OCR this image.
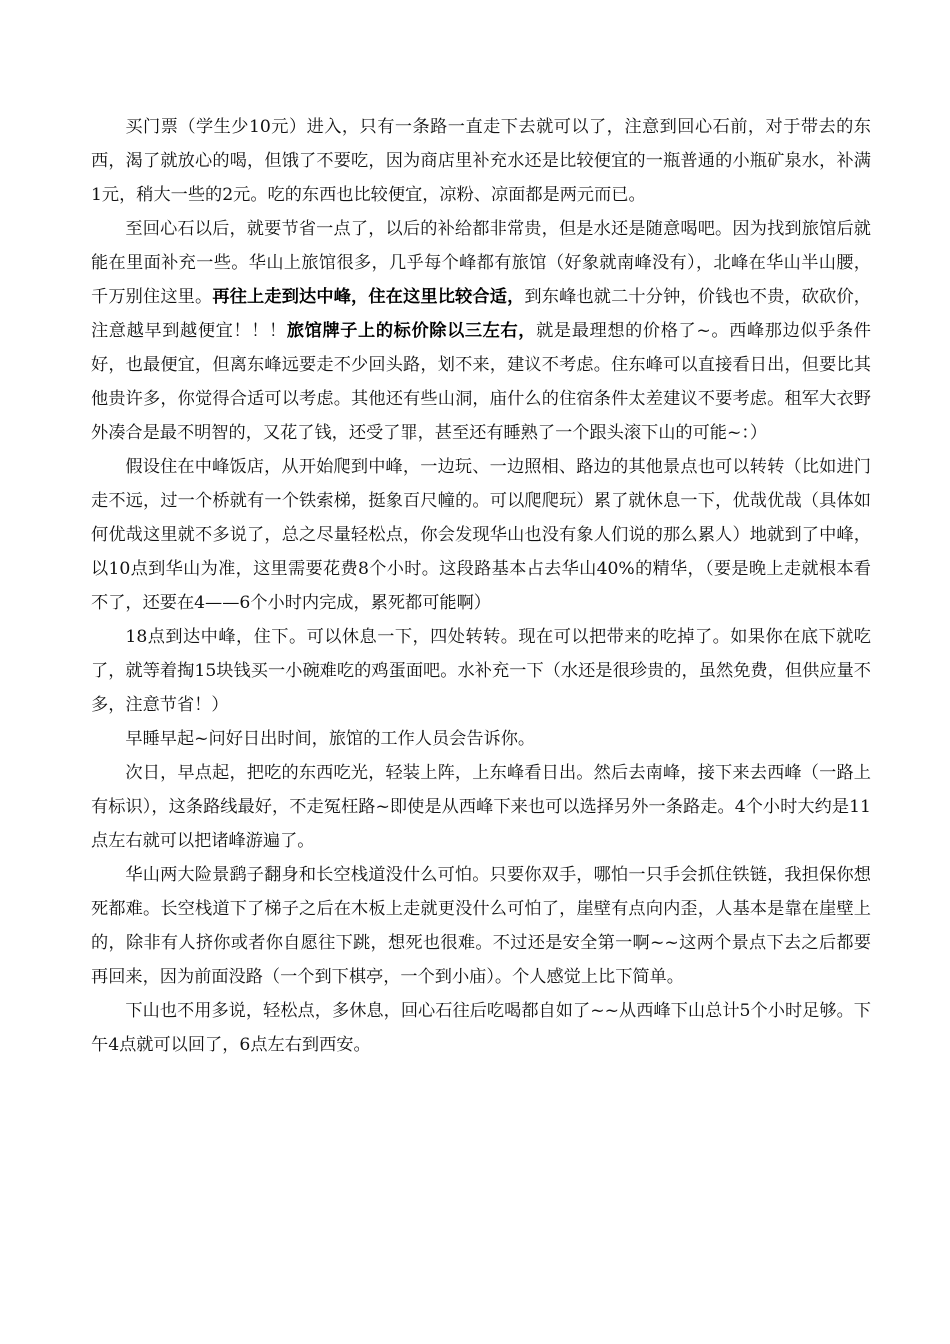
买门票（学生少10元）进入，只有一条路一直走下去就可以了，注意到回心石前，对于带去的东西，渴了就放心的喝，但饿了不要吃，因为商店里补充水还是比较便宜的一瓶普通的小瓶矿泉水，补满1元，稍大一些的2元。吃的东西也比较便宜，凉粉、凉面都是两元而已。

至回心石以后，就要节省一点了，以后的补给都非常贵，但是水还是随意喝吧。因为找到旅馆后就能在里面补充一些。华山上旅馆很多，几乎每个峰都有旅馆（好象就南峰没有），北峰在华山半山腰，千万别住这里。再往上走到达中峰，住在这里比较合适，到东峰也就二十分钟，价钱也不贵，砍砍价，注意越早到越便宜！！！旅馆牌子上的标价除以三左右，就是最理想的价格了~。西峰那边似乎条件好，也最便宜，但离东峰远要走不少回头路，划不来，建议不考虑。住东峰可以直接看日出，但要比其他贵许多，你觉得合适可以考虑。其他还有些山洞，庙什么的住宿条件太差建议不要考虑。租军大衣野外凑合是最不明智的，又花了钱，还受了罪，甚至还有睡熟了一个跟头滚下山的可能~：）

假设住在中峰饭店，从开始爬到中峰，一边玩、一边照相、路边的其他景点也可以转转（比如进门走不远，过一个桥就有一个铁索梯，挺象百尺幢的。可以爬爬玩）累了就休息一下，优哉优哉（具体如何优哉这里就不多说了，总之尽量轻松点，你会发现华山也没有象人们说的那么累人）地就到了中峰，以10点到华山为准，这里需要花费8个小时。这段路基本占去华山40%的精华，（要是晚上走就根本看不了，还要在4——6个小时内完成，累死都可能啊）

18点到达中峰，住下。可以休息一下，四处转转。现在可以把带来的吃掉了。如果你在底下就吃了，就等着掏15块钱买一小碗难吃的鸡蛋面吧。水补充一下（水还是很珍贵的，虽然免费，但供应量不多，注意节省！）

早睡早起~问好日出时间，旅馆的工作人员会告诉你。

次日，早点起，把吃的东西吃光，轻装上阵，上东峰看日出。然后去南峰，接下来去西峰（一路上有标识），这条路线最好，不走冤枉路~即使是从西峰下来也可以选择另外一条路走。4个小时大约是11点左右就可以把诸峰游遍了。

华山两大险景鹞子翻身和长空栈道没什么可怕。只要你双手，哪怕一只手会抓住铁链，我担保你想死都难。长空栈道下了梯子之后在木板上走就更没什么可怕了，崖壁有点向内歪，人基本是靠在崖壁上的，除非有人挤你或者你自愿往下跳，想死也很难。不过还是安全第一啊~~这两个景点下去之后都要再回来，因为前面没路（一个到下棋亭，一个到小庙）。个人感觉上比下简单。

下山也不用多说，轻松点，多休息，回心石往后吃喝都自如了~~从西峰下山总计5个小时足够。下午4点就可以回了，6点左右到西安。
